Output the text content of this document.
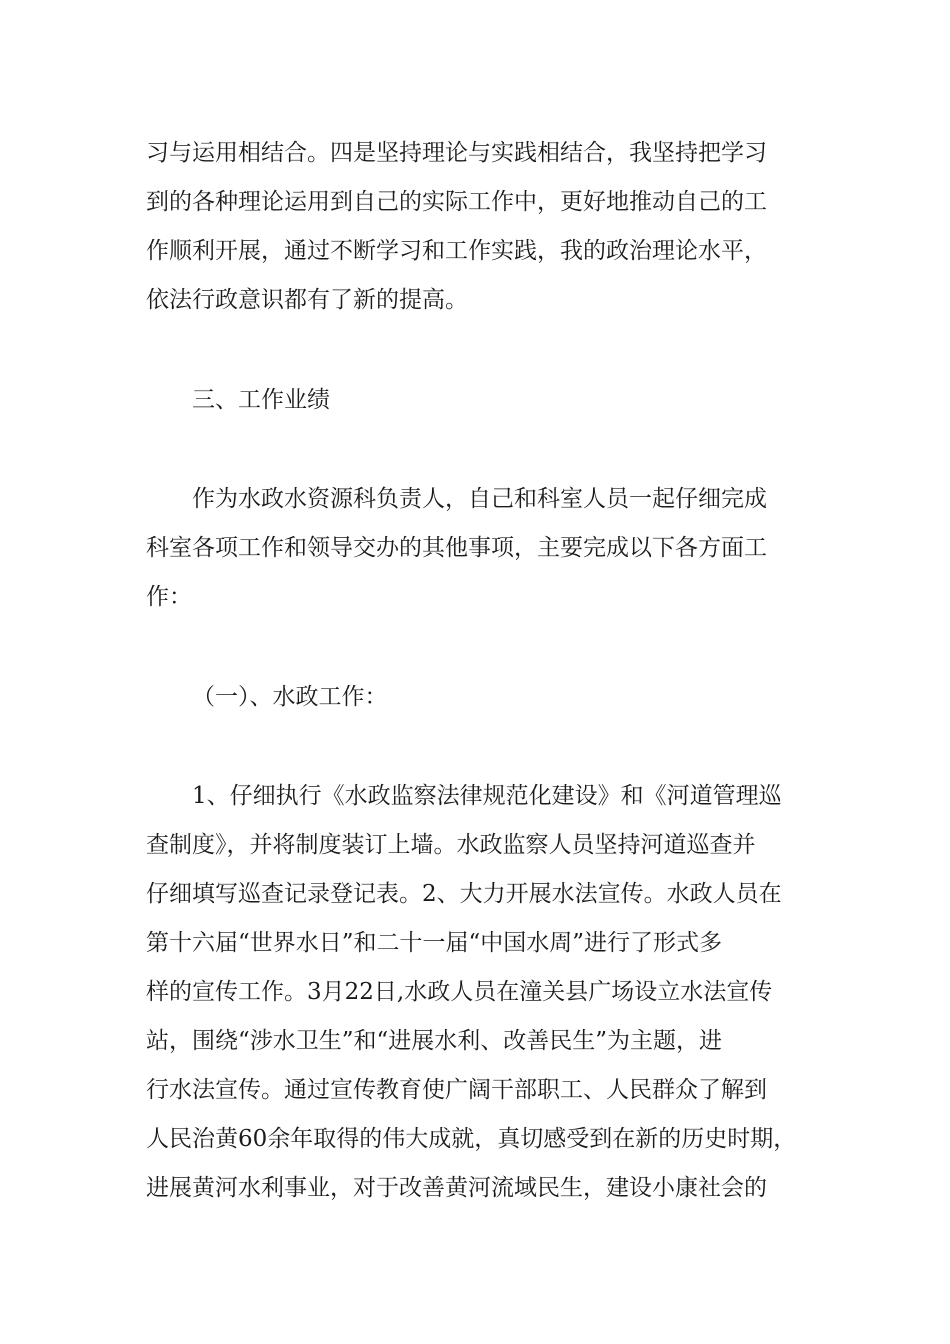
习与运用相结合。四是坚持理论与实践相结合，我坚持把学习
到的各种理论运用到自己的实际工作中，更好地推动自己的工
作顺利开展，通过不断学习和工作实践，我的政治理论水平，
依法行政意识都有了新的提高。
三、工作业绩
作为水政水资源科负责人，自己和科室人员一起仔细完成
科室各项工作和领导交办的其他事项，主要完成以下各方面工
作：
（一）、水政工作：
1、仔细执行《水政监察法律规范化建设》和《河道管理巡
查制度》，并将制度装订上墙。水政监察人员坚持河道巡查并
仔细填写巡查记录登记表。2、大力开展水法宣传。水政人员在
第十六届“世界水日”和二十一届“中国水周”进行了形式多
样的宣传工作。3月22日,水政人员在潼关县广场设立水法宣传
站，围绕“涉水卫生”和“进展水利、改善民生”为主题，进
行水法宣传。通过宣传教育使广阔干部职工、人民群众了解到
人民治黄60余年取得的伟大成就，真切感受到在新的历史时期，
进展黄河水利事业，对于改善黄河流域民生，建设小康社会的
